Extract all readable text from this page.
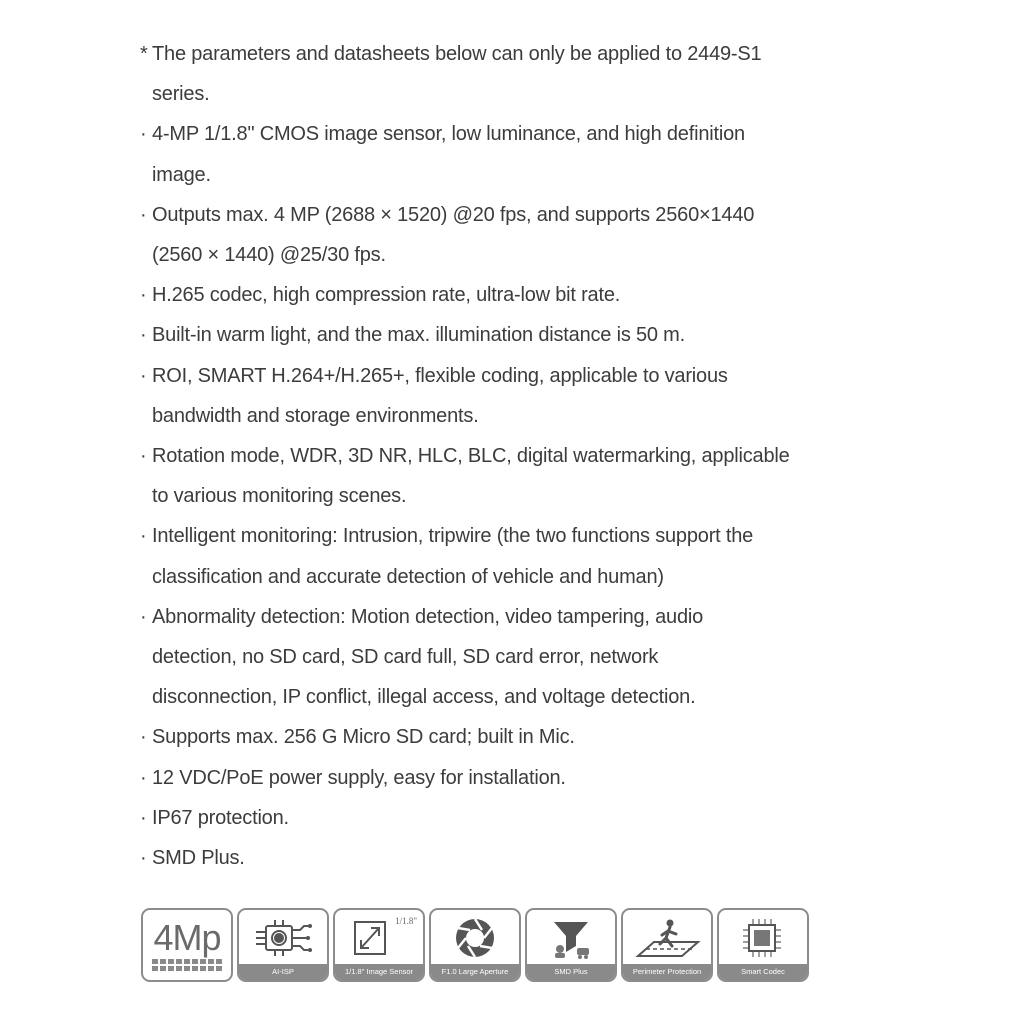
* The parameters and datasheets below can only be applied to 2449-S1
series.
· 4-MP 1/1.8" CMOS image sensor, low luminance, and high definition
image.
· Outputs max. 4 MP (2688 × 1520) @20 fps, and supports 2560×1440
(2560 × 1440) @25/30 fps.
· H.265 codec, high compression rate, ultra-low bit rate.
· Built-in warm light, and the max. illumination distance is 50 m.
· ROI, SMART H.264+/H.265+, flexible coding, applicable to various
bandwidth and storage environments.
· Rotation mode, WDR, 3D NR, HLC, BLC, digital watermarking, applicable
to various monitoring scenes.
· Intelligent monitoring: Intrusion, tripwire (the two functions support the
classification and accurate detection of vehicle and human)
· Abnormality detection: Motion detection, video tampering, audio
detection, no SD card, SD card full, SD card error, network
disconnection, IP conflict, illegal access, and voltage detection.
· Supports max. 256 G Micro SD card; built in Mic.
· 12 VDC/PoE power supply, easy for installation.
· IP67 protection.
· SMD Plus.
4Mp
AI-ISP
1/1.8"
1/1.8" Image Sensor	F1.0 Large Aperture	SMD Plus	Perimeter Protection	Smart Codec
